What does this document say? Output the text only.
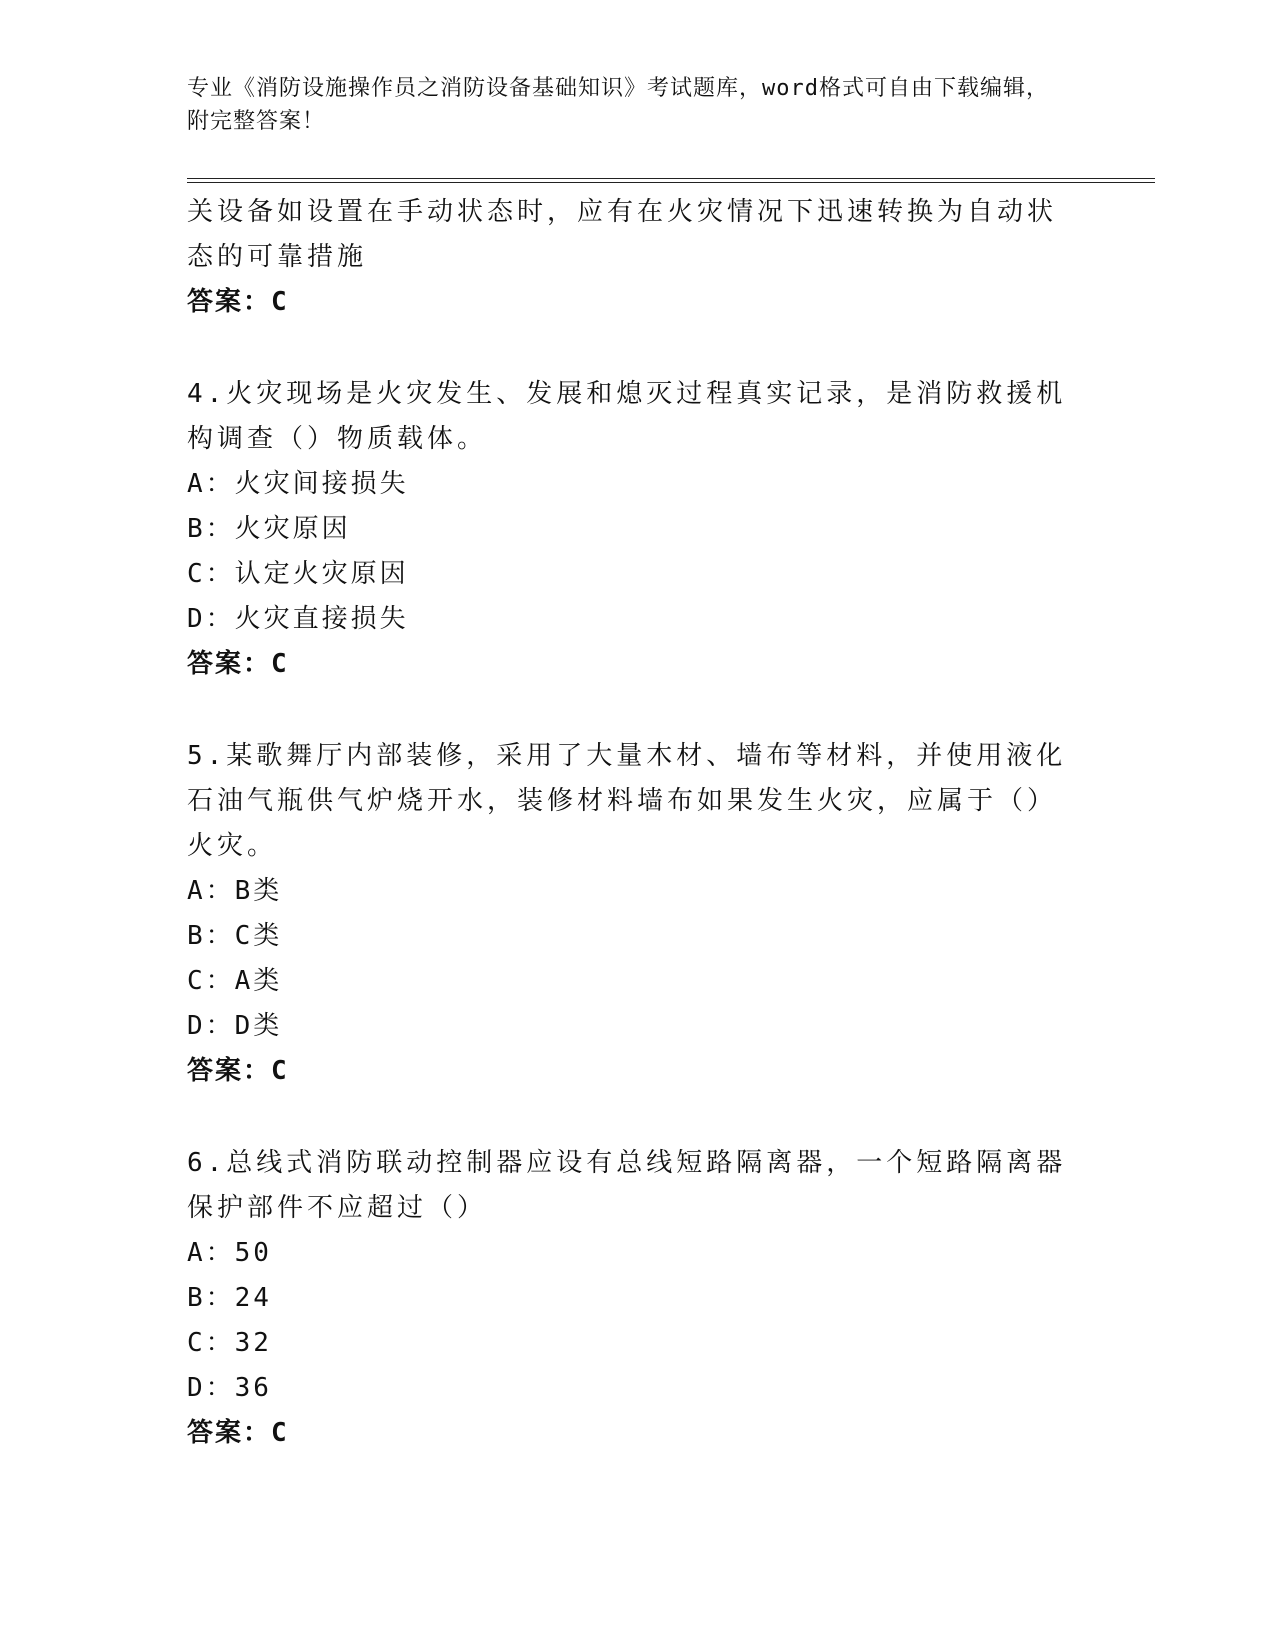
专业《消防设施操作员之消防设备基础知识》考试题库，word格式可自由下载编辑，附完整答案！

关设备如设置在手动状态时，应有在火灾情况下迅速转换为自动状态的可靠措施

答案：C

4.火灾现场是火灾发生、发展和熄灭过程真实记录，是消防救援机构调查（）物质载体。

A：火灾间接损失

B：火灾原因

C：认定火灾原因

D：火灾直接损失

答案：C

5.某歌舞厅内部装修，采用了大量木材、墙布等材料，并使用液化石油气瓶供气炉烧开水，装修材料墙布如果发生火灾，应属于（）火灾。

A：B类

B：C类

C：A类

D：D类

答案：C

6.总线式消防联动控制器应设有总线短路隔离器，一个短路隔离器保护部件不应超过（）

A：50

B：24

C：32

D：36

答案：C
